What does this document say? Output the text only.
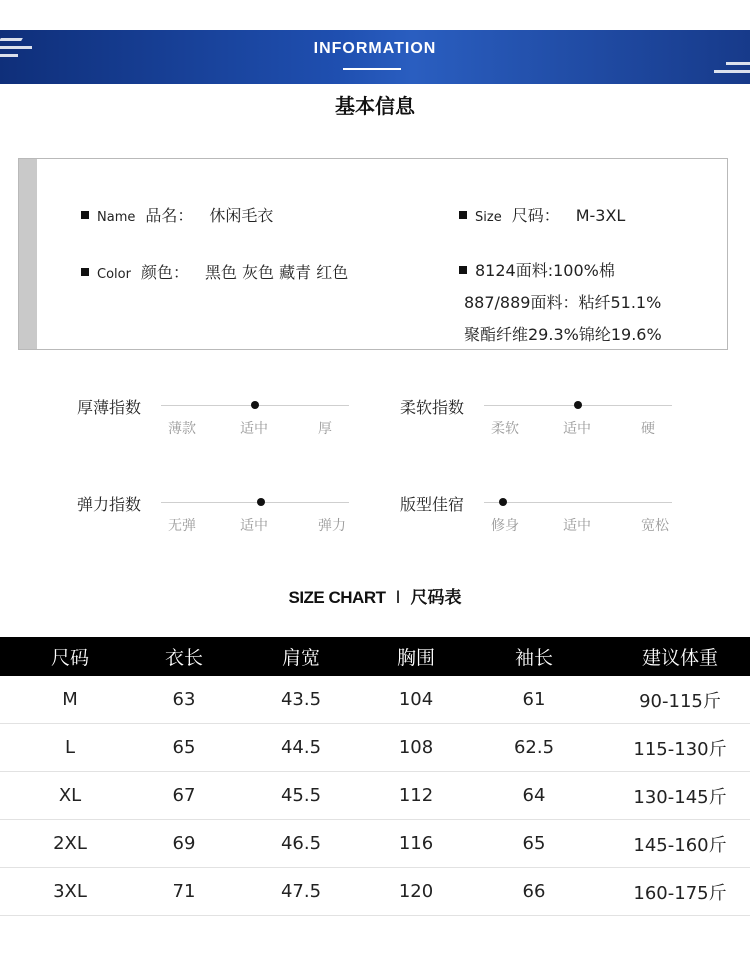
INFORMATION
基本信息
Name 品名： 休闲毛衣	Size 尺码： M-3XL
Color 颜色： 黑色 灰色 藏青 红色	8124面料:100%棉
887/889面料：粘纤51.1%
聚酯纤维29.3%锦纶19.6%
厚薄指数
薄款	适中	厚
柔软指数
柔软	适中	硬
弹力指数
无弹	适中	弹力
版型佳宿
修身	适中	宽松
SIZE CHART I 尺码表
尺码	衣长	肩宽	胸围	袖长	建议体重
M	63	43.5	104	61	90-115斤
L	65	44.5	108	62.5	115-130斤
XL	67	45.5	112	64	130-145斤
2XL	69	46.5	116	65	145-160斤
3XL	71	47.5	120	66	160-175斤
